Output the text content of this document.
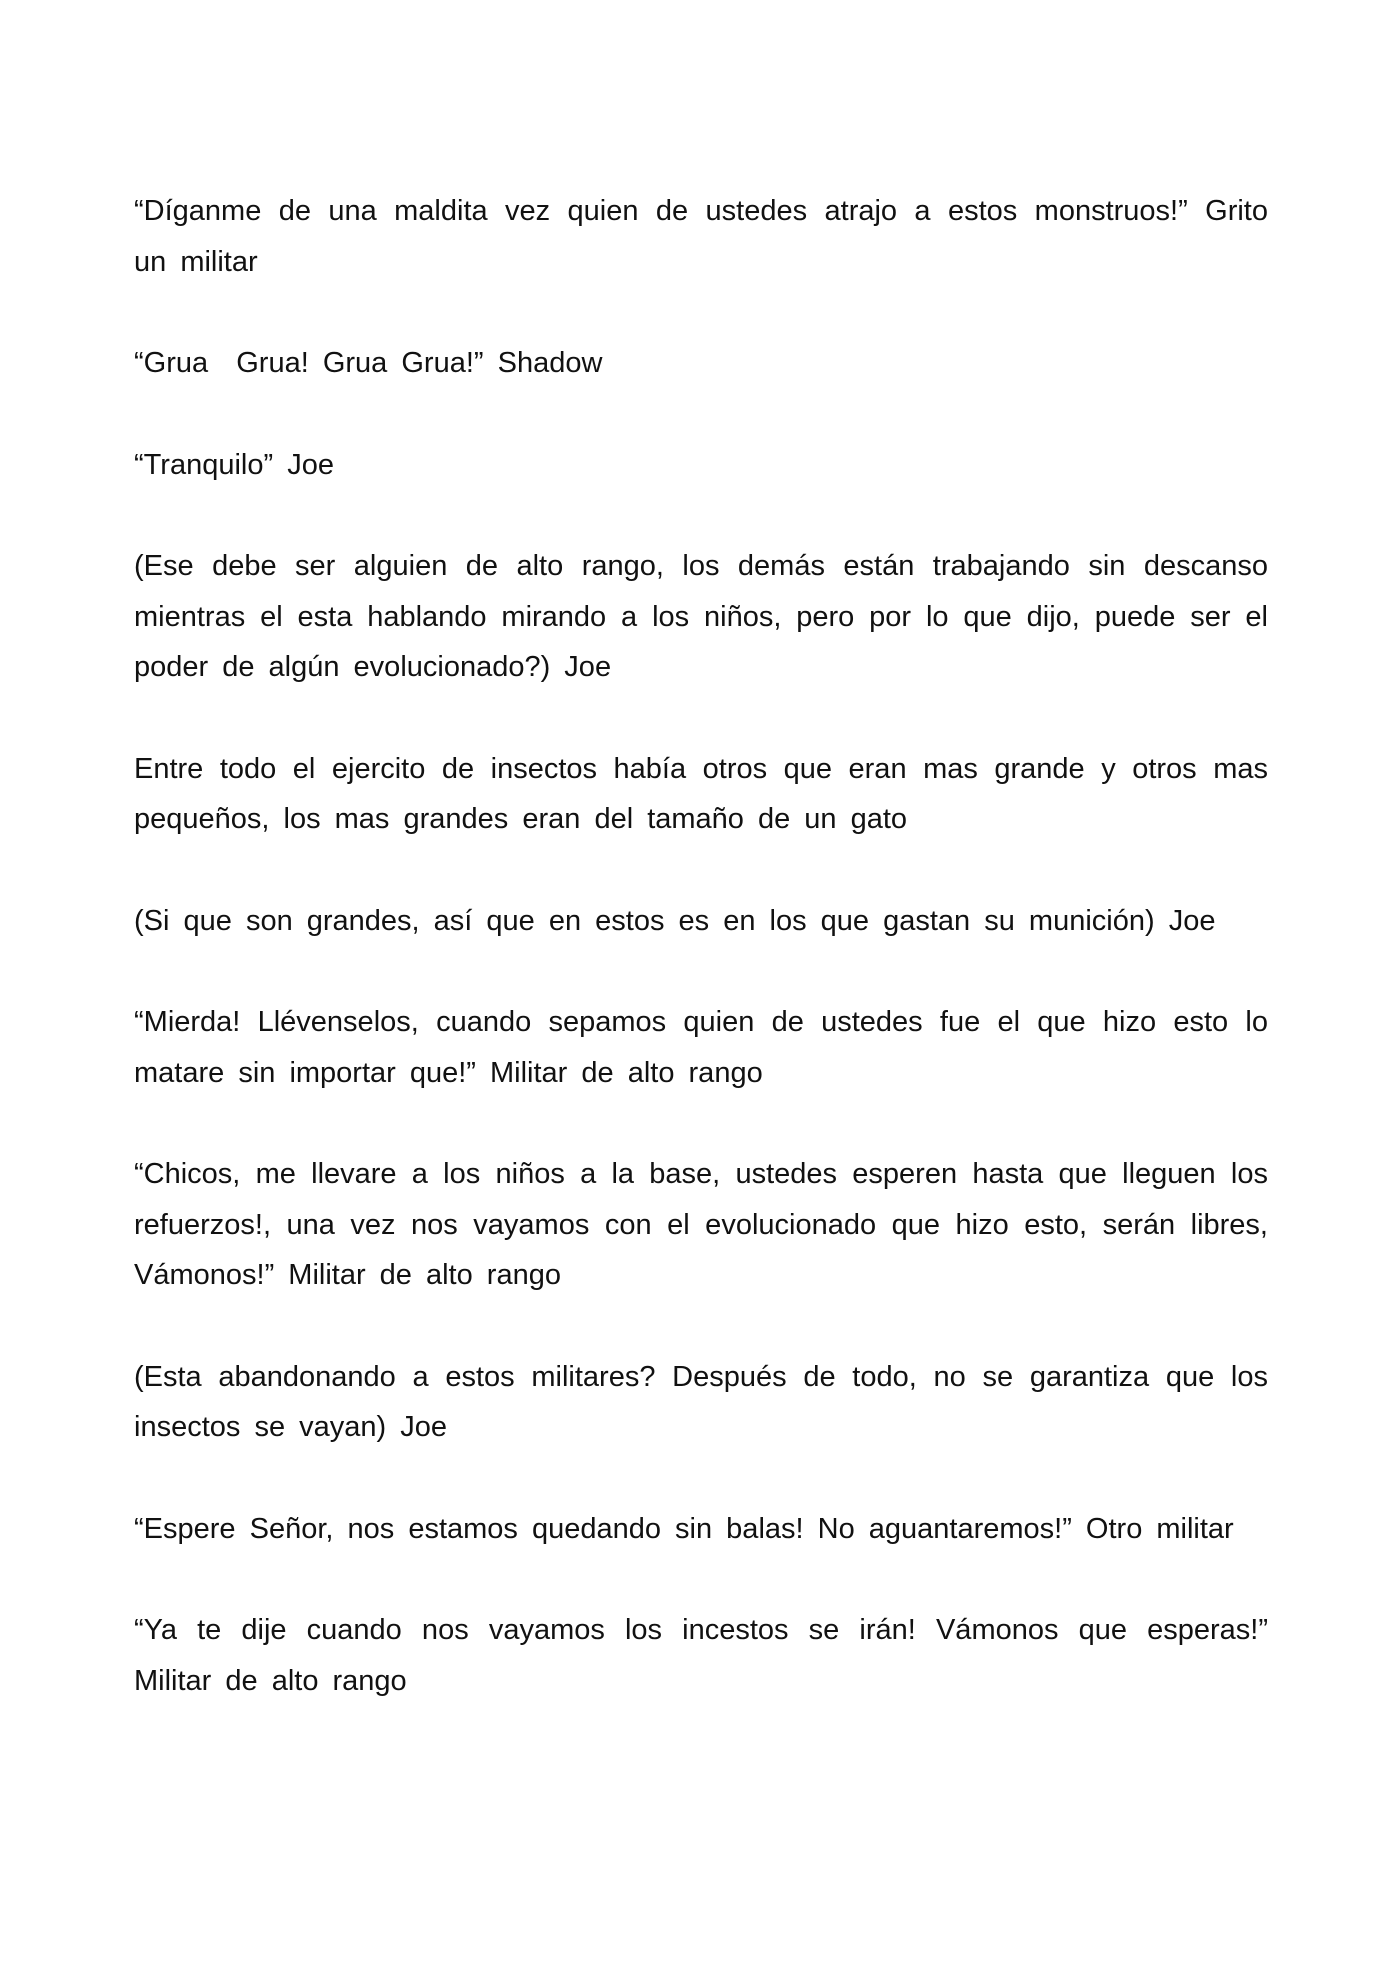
“Díganme de una maldita vez quien de ustedes atrajo a estos monstruos!” Grito un militar

“Grua  Grua! Grua Grua!” Shadow

“Tranquilo” Joe

(Ese debe ser alguien de alto rango, los demás están trabajando sin descanso mientras el esta hablando mirando a los niños, pero por lo que dijo, puede ser el poder de algún evolucionado?) Joe

Entre todo el ejercito de insectos había otros que eran mas grande y otros mas pequeños, los mas grandes eran del tamaño de un gato

(Si que son grandes, así que en estos es en los que gastan su munición) Joe

“Mierda! Llévenselos, cuando sepamos quien de ustedes fue el que hizo esto lo matare sin importar que!” Militar de alto rango

“Chicos, me llevare a los niños a la base, ustedes esperen hasta que lleguen los refuerzos!, una vez nos vayamos con el evolucionado que hizo esto, serán libres, Vámonos!” Militar de alto rango

(Esta abandonando a estos militares? Después de todo, no se garantiza que los insectos se vayan) Joe

“Espere Señor, nos estamos quedando sin balas! No aguantaremos!” Otro militar

“Ya te dije cuando nos vayamos los incestos se irán! Vámonos que esperas!” Militar de alto rango
